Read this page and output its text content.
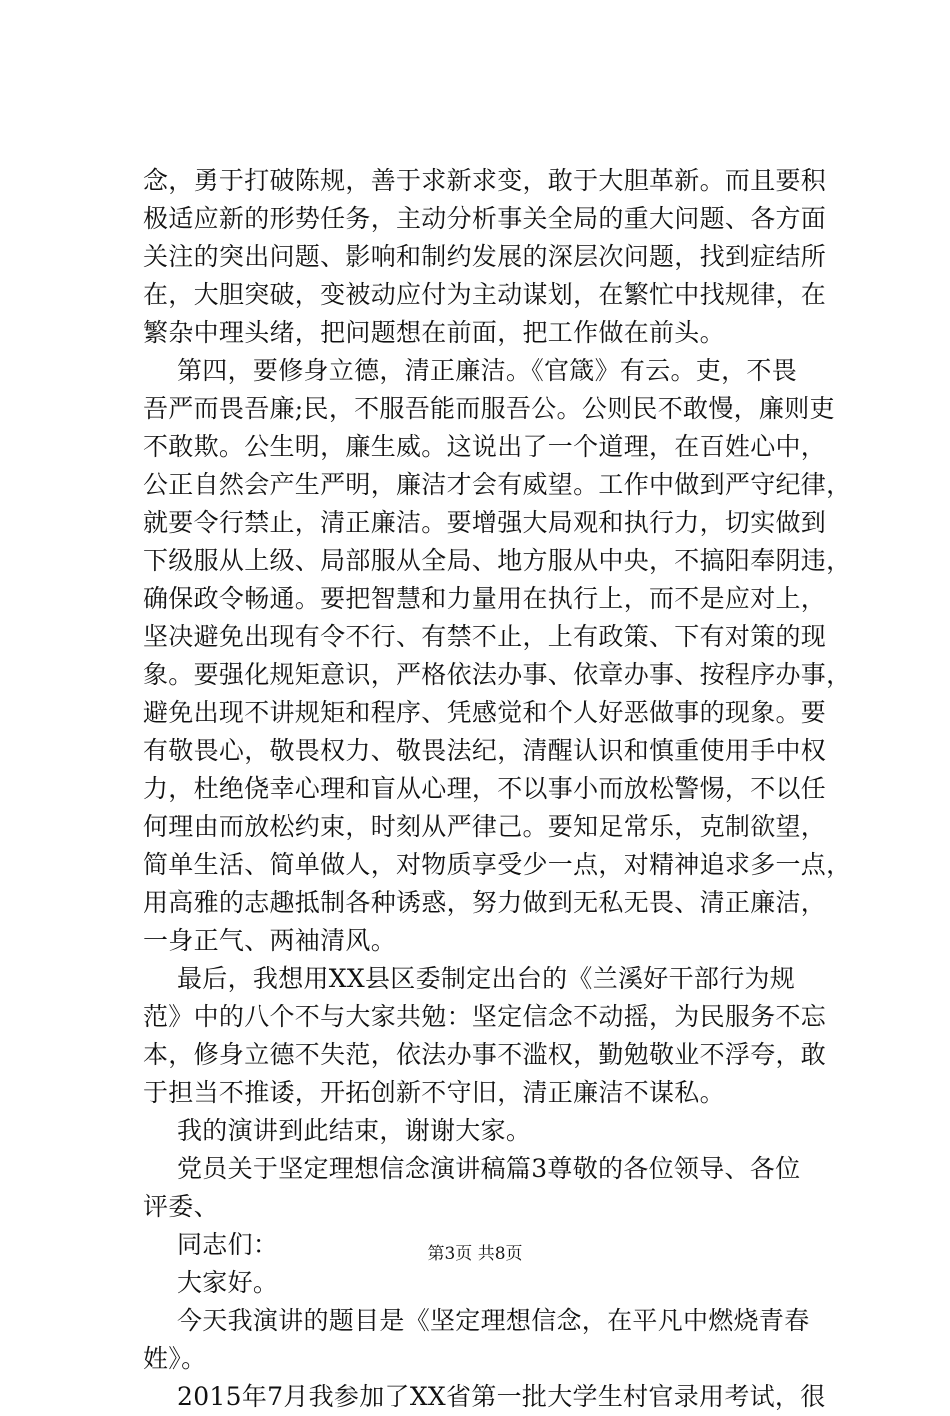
念，勇于打破陈规，善于求新求变，敢于大胆革新。而且要积
极适应新的形势任务，主动分析事关全局的重大问题、各方面
关注的突出问题、影响和制约发展的深层次问题，找到症结所
在，大胆突破，变被动应付为主动谋划，在繁忙中找规律，在
繁杂中理头绪，把问题想在前面，把工作做在前头。
第四，要修身立德，清正廉洁。《官箴》有云。吏，不畏
吾严而畏吾廉;民，不服吾能而服吾公。公则民不敢慢，廉则吏
不敢欺。公生明，廉生威。这说出了一个道理，在百姓心中，
公正自然会产生严明，廉洁才会有威望。工作中做到严守纪律，
就要令行禁止，清正廉洁。要增强大局观和执行力，切实做到
下级服从上级、局部服从全局、地方服从中央，不搞阳奉阴违，
确保政令畅通。要把智慧和力量用在执行上，而不是应对上，
坚决避免出现有令不行、有禁不止，上有政策、下有对策的现
象。要强化规矩意识，严格依法办事、依章办事、按程序办事，
避免出现不讲规矩和程序、凭感觉和个人好恶做事的现象。要
有敬畏心，敬畏权力、敬畏法纪，清醒认识和慎重使用手中权
力，杜绝侥幸心理和盲从心理，不以事小而放松警惕，不以任
何理由而放松约束，时刻从严律己。要知足常乐，克制欲望，
简单生活、简单做人，对物质享受少一点，对精神追求多一点，
用高雅的志趣抵制各种诱惑，努力做到无私无畏、清正廉洁，
一身正气、两袖清风。
最后，我想用XX县区委制定出台的《兰溪好干部行为规
范》中的八个不与大家共勉：坚定信念不动摇，为民服务不忘
本，修身立德不失范，依法办事不滥权，勤勉敬业不浮夸，敢
于担当不推诿，开拓创新不守旧，清正廉洁不谋私。
我的演讲到此结束，谢谢大家。
党员关于坚定理想信念演讲稿篇3尊敬的各位领导、各位
评委、
同志们：
大家好。
今天我演讲的题目是《坚定理想信念，在平凡中燃烧青春
姓》。
2015年7月我参加了XX省第一批大学生村官录用考试，很
第3页 共8页
